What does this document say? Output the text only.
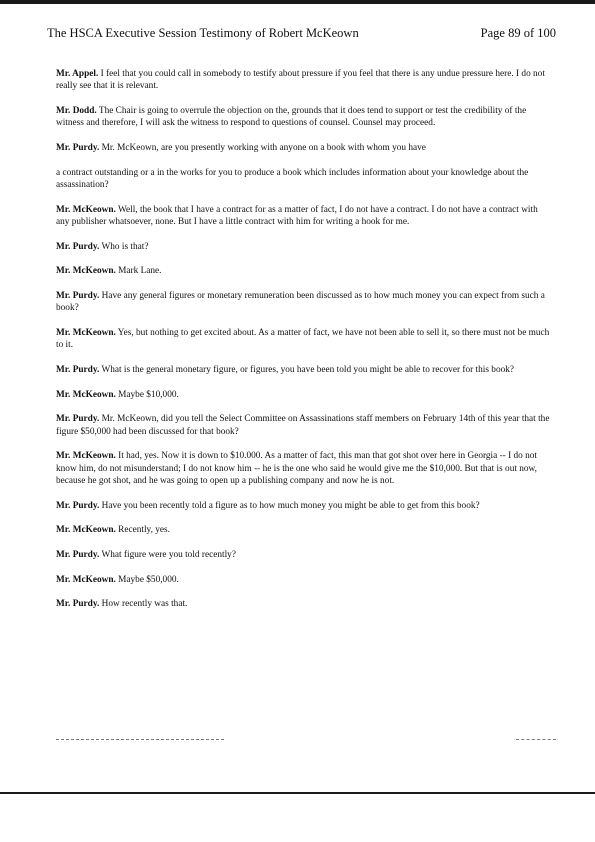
The HSCA Executive Session Testimony of Robert McKeown	Page 89 of 100

Mr. Appel. I feel that you could call in somebody to testify about pressure if you feel that there is any undue pressure here. I do not really see that it is relevant.

Mr. Dodd. The Chair is going to overrule the objection on the, grounds that it does tend to support or test the credibility of the witness and therefore, I will ask the witness to respond to questions of counsel. Counsel may proceed.

Mr. Purdy. Mr. McKeown, are you presently working with anyone on a book with whom you have

a contract outstanding or a in the works for you to produce a book which includes information about your knowledge about the assassination?

Mr. McKeown. Well, the book that I have a contract for as a matter of fact, I do not have a contract. I do not have a contract with any publisher whatsoever, none. But I have a little contract with him for writing a hook for me.

Mr. Purdy. Who is that?

Mr. McKeown. Mark Lane.

Mr. Purdy. Have any general figures or monetary remuneration been discussed as to how much money you can expect from such a book?

Mr. McKeown. Yes, but nothing to get excited about. As a matter of fact, we have not been able to sell it, so there must not be much to it.

Mr. Purdy. What is the general monetary figure, or figures, you have been told you might be able to recover for this book?

Mr. McKeown. Maybe $10,000.

Mr. Purdy. Mr. McKeown, did you tell the Select Committee on Assassinations staff members on February 14th of this year that the figure $50,000 had been discussed for that book?

Mr. McKeown. It had, yes. Now it is down to $10.000. As a matter of fact, this man that got shot over here in Georgia -- I do not know him, do not misunderstand; I do not know him -- he is the one who said he would give me the $10,000. But that is out now, because he got shot, and he was going to open up a publishing company and now he is not.

Mr. Purdy. Have you been recently told a figure as to how much money you might be able to get from this book?

Mr. McKeown. Recently, yes.

Mr. Purdy. What figure were you told recently?

Mr. McKeown. Maybe $50,000.

Mr. Purdy. How recently was that.
